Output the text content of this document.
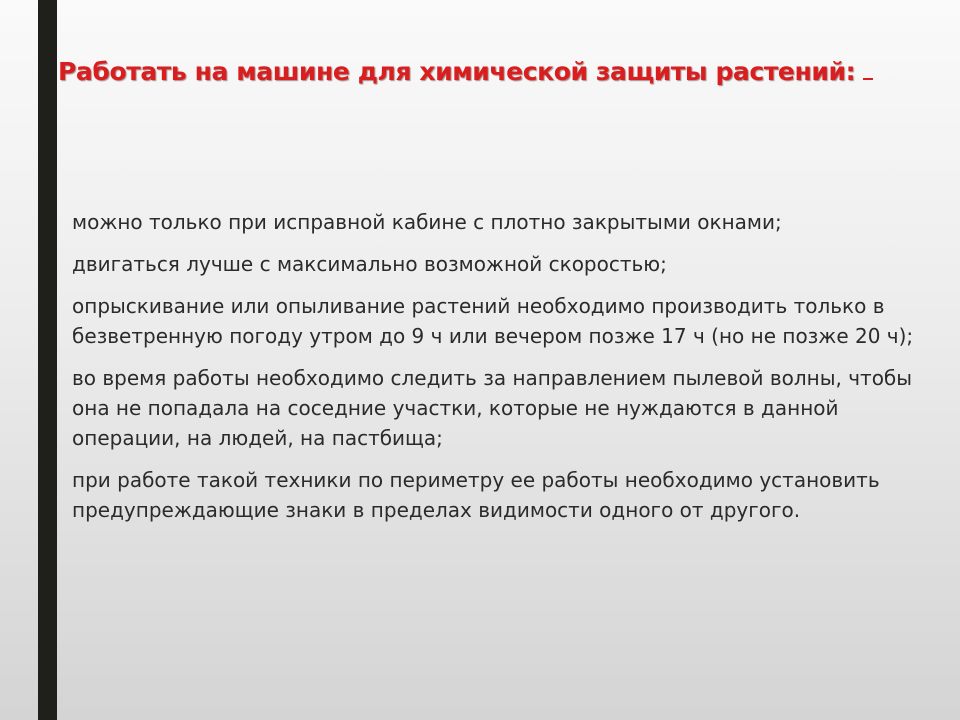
Работать на машине для химической защиты растений:
можно только при исправной кабине с плотно закрытыми окнами;
двигаться лучше с максимально возможной скоростью;
опрыскивание или опыливание растений необходимо производить только в безветренную погоду утром до 9 ч или вечером позже 17 ч (но не позже 20 ч);
во время работы необходимо следить за направлением пылевой волны, чтобы она не попадала на соседние участки, которые не нуждаются в данной операции, на людей, на пастбища;
при работе такой техники по периметру ее работы необходимо установить предупреждающие знаки в пределах видимости одного от другого.
